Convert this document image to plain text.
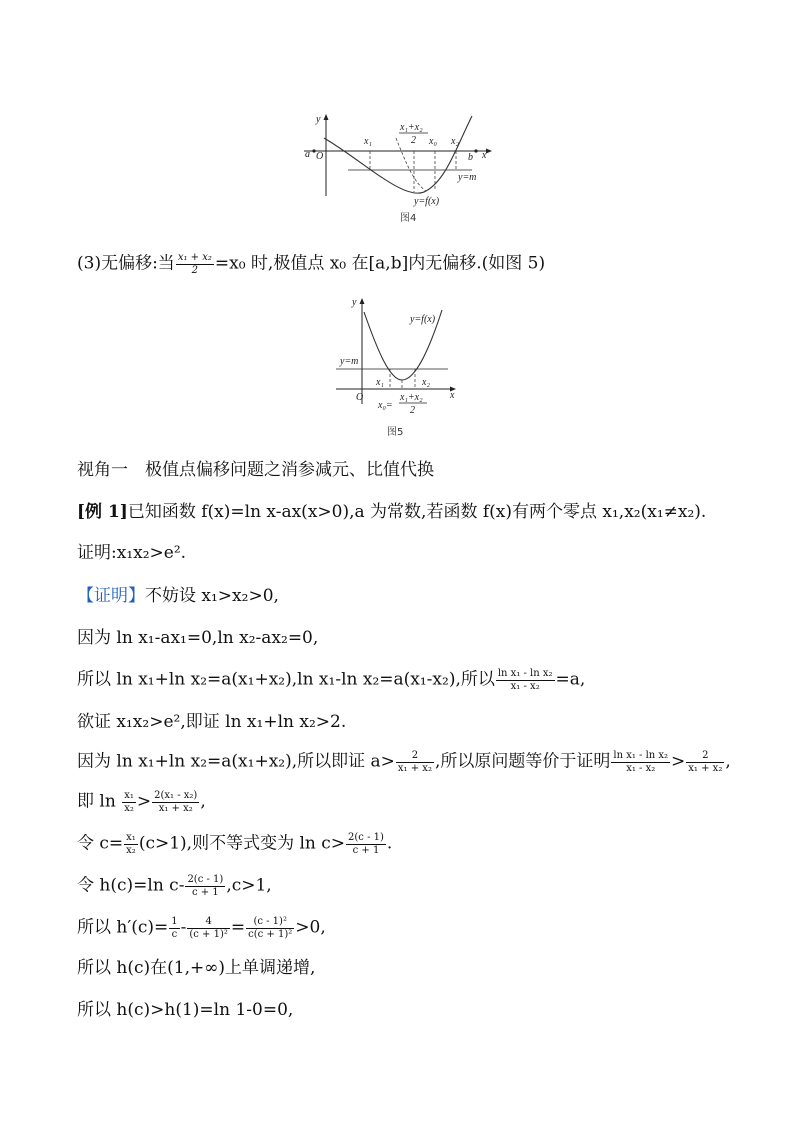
y
x
O
a	b
x₁	x₀ x₂
x₁+x₂
2
y=m
y=f(x)
图4
(3)无偏移:当 $\frac{\text{x₁ + x₂}}{2} =x_0$ 时,极值点 x₀ 在[a,b]内无偏移.(如图 5)
y
x
O
x₁	x₂
y=m
y=f(x)
x₀=
x₁+x₂
2
图5
视角一　极值点偏移问题之消参减元、比值代换
[例 1]已知函数 f(x)=ln x-ax(x>0),a 为常数,若函数 f(x)有两个零点 x₁,x₂(x₁≠x₂).
证明:x₁x₂>e².
【证明】不妨设 x₁>x₂>0,
因为 ln x₁-ax₁=0,ln x₂-ax₂=0,
所以 ln x₁+ln x₂=a(x₁+x₂),ln x₁-ln x₂=a(x₁-x₂),所以 $\frac{\text{ln x₁ - ln x₂}}{\text{x₁ - x₂}} =a$,
欲证 x₁x₂>e²,即证 ln x₁+ln x₂>2.
因为 ln x₁+ln x₂=a(x₁+x₂),所以即证 $a> \frac{2}{\text{x₁ + x₂}}$ ,所以原问题等价于证明 $\frac{\text{ln x₁ - ln x₂}}{\text{x₁ - x₂}} > \frac{2}{\text{x₁ + x₂}}$ ,
即 $\ln \frac{\text{x₁}}{\text{x₂}} > \frac{\text{2(x₁ - x₂)}}{\text{x₁ + x₂}}$ ,
令 $c= \frac{\text{x₁}}{\text{x₂}} (c>1)$,则不等式变为 $\ln c> \frac{2(c - 1)}{c + 1}$ .
令 h(c)=ln $c- \frac{2(c - 1)}{c + 1} ,c>1$,
所以 $h'(c)= \frac{1}{c} - \frac{4}{\text{(c + 1)²}} = \frac{\text{(c - 1)²}}{\text{c(c + 1)²}} >0$,
所以 h(c)在(1,+∞)上单调递增,
所以 h(c)>h(1)=ln 1-0=0,
